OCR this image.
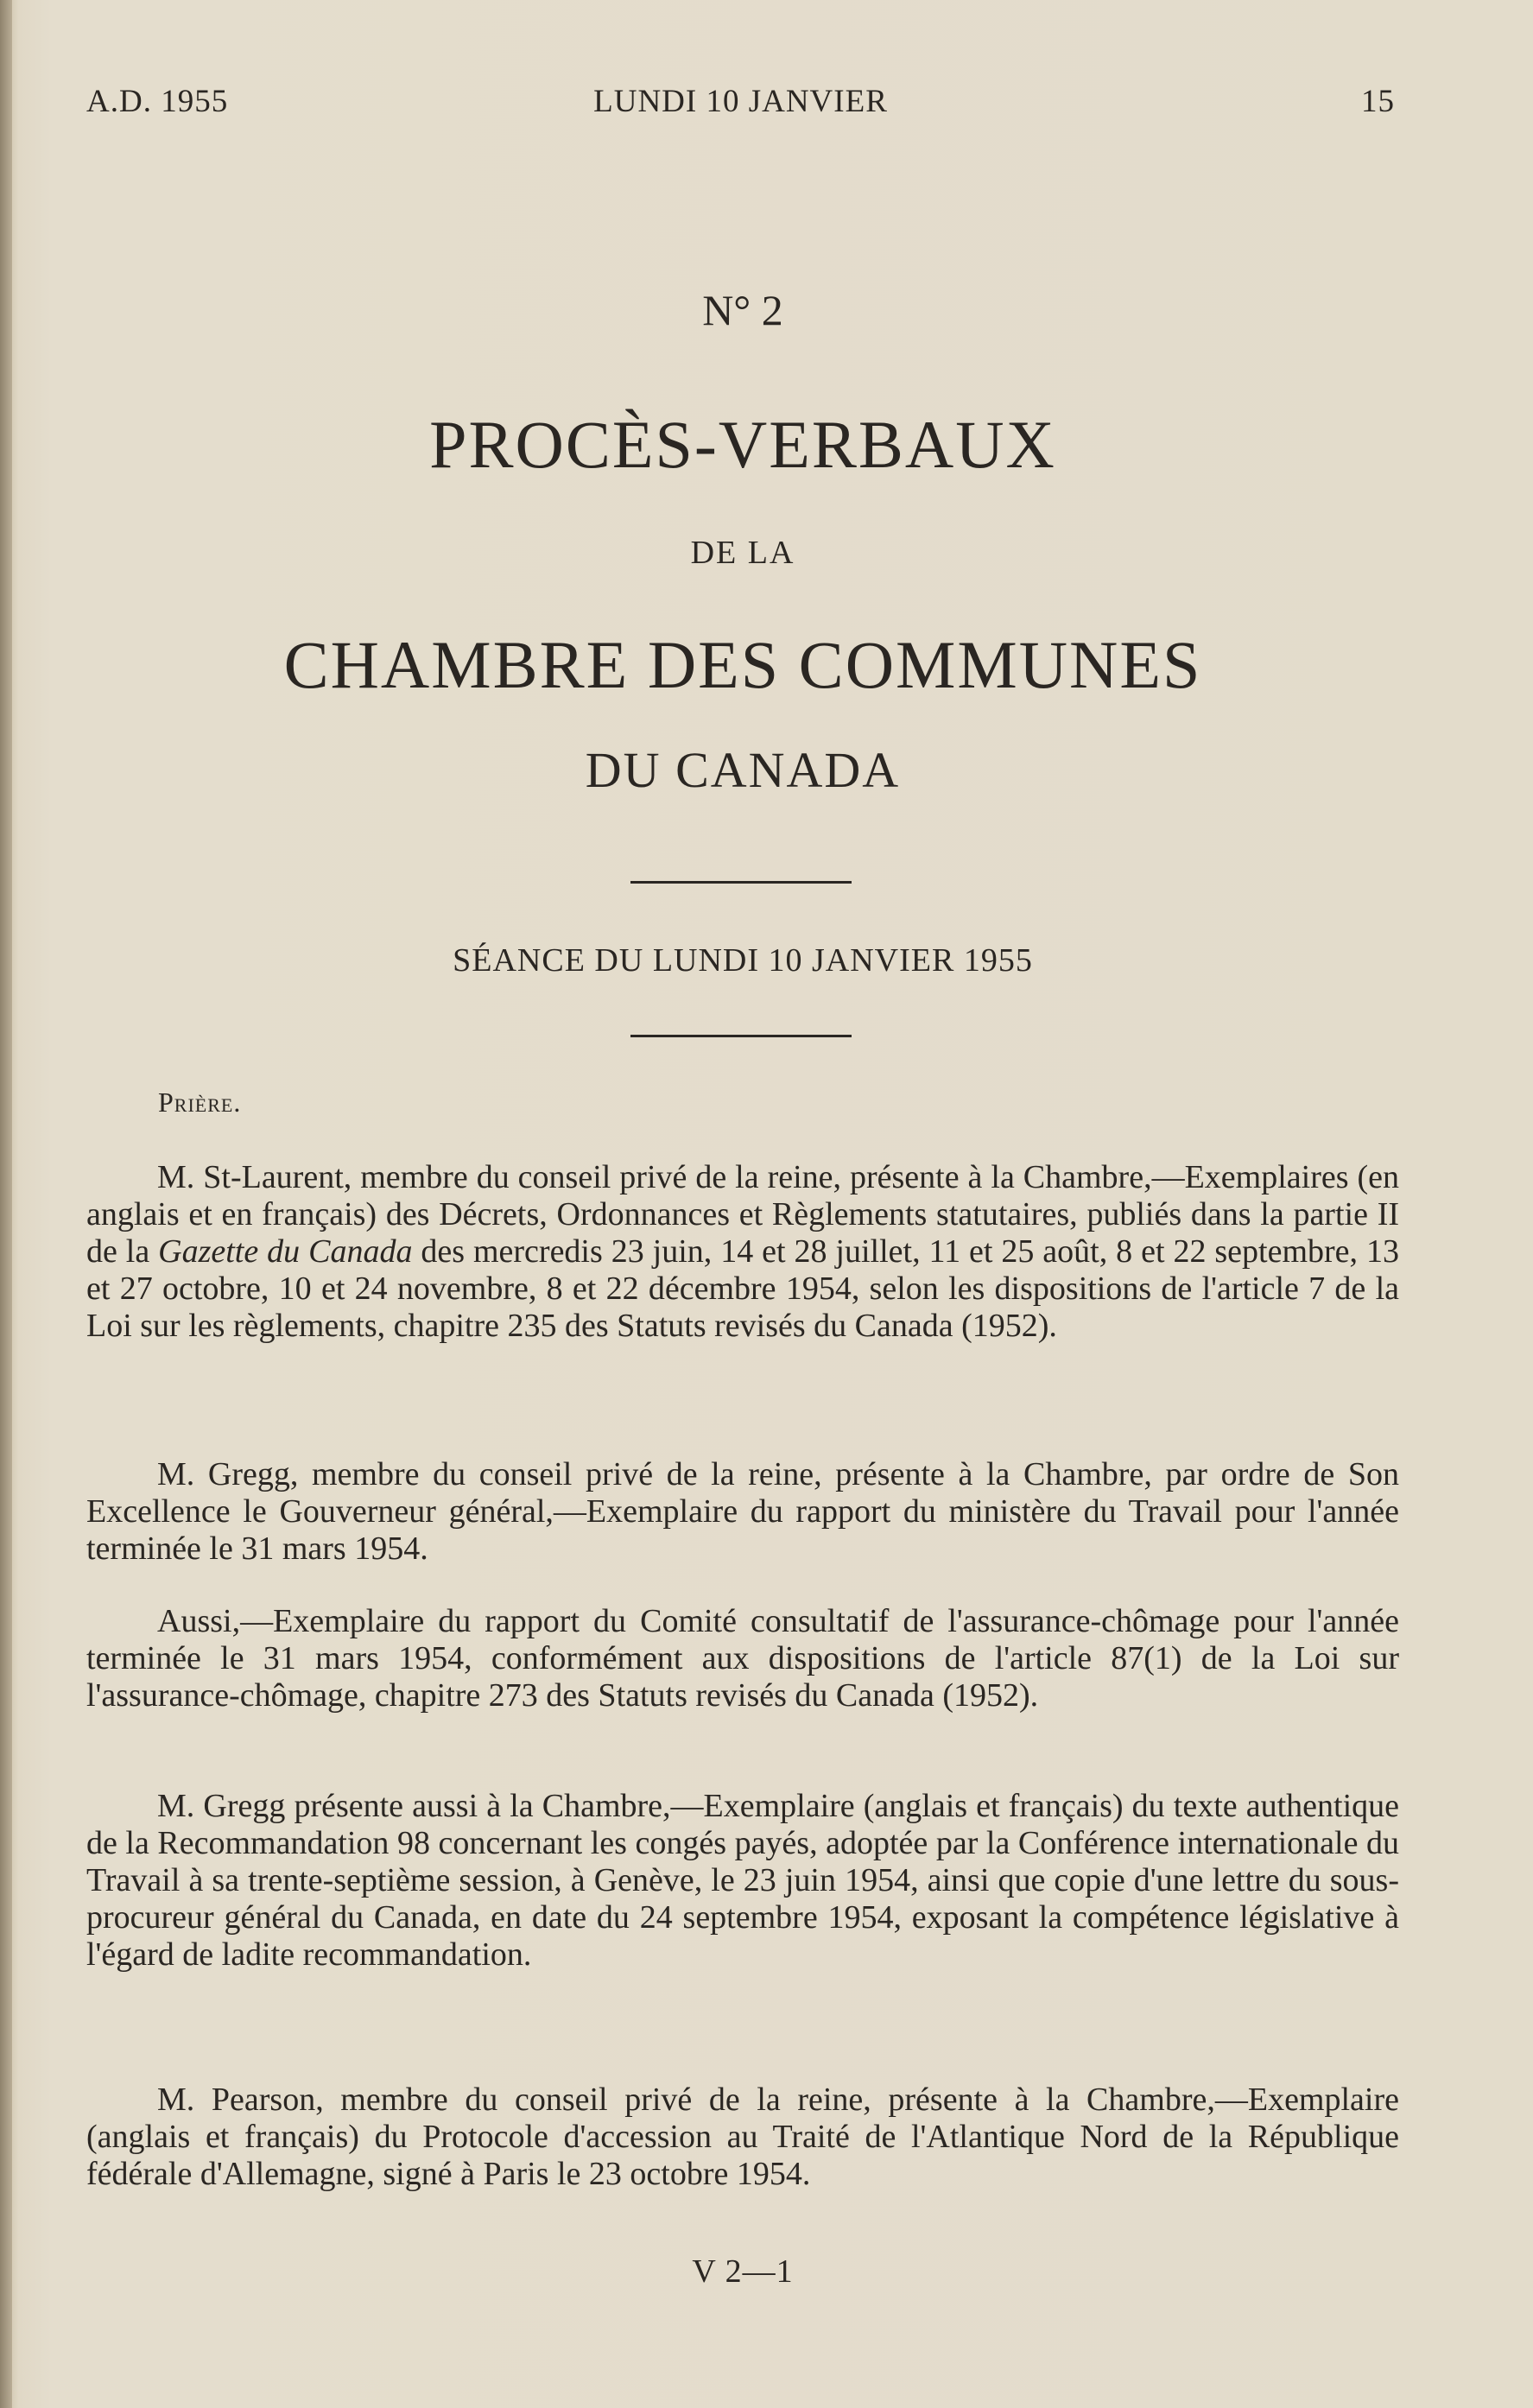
A.D. 1955	LUNDI 10 JANVIER	15
N° 2
PROCÈS-VERBAUX
DE LA
CHAMBRE DES COMMUNES
DU CANADA
SÉANCE DU LUNDI 10 JANVIER 1955
Prière.
M. St-Laurent, membre du conseil privé de la reine, présente à la Chambre,—Exemplaires (en anglais et en français) des Décrets, Ordonnances et Règlements statutaires, publiés dans la partie II de la Gazette du Canada des mercredis 23 juin, 14 et 28 juillet, 11 et 25 août, 8 et 22 septembre, 13 et 27 octobre, 10 et 24 novembre, 8 et 22 décembre 1954, selon les dispositions de l'article 7 de la Loi sur les règlements, chapitre 235 des Statuts revisés du Canada (1952).
M. Gregg, membre du conseil privé de la reine, présente à la Chambre, par ordre de Son Excellence le Gouverneur général,—Exemplaire du rapport du ministère du Travail pour l'année terminée le 31 mars 1954.
Aussi,—Exemplaire du rapport du Comité consultatif de l'assurance-chômage pour l'année terminée le 31 mars 1954, conformément aux dispositions de l'article 87(1) de la Loi sur l'assurance-chômage, chapitre 273 des Statuts revisés du Canada (1952).
M. Gregg présente aussi à la Chambre,—Exemplaire (anglais et français) du texte authentique de la Recommandation 98 concernant les congés payés, adoptée par la Conférence internationale du Travail à sa trente-septième session, à Genève, le 23 juin 1954, ainsi que copie d'une lettre du sous-procureur général du Canada, en date du 24 septembre 1954, exposant la compétence législative à l'égard de ladite recommandation.
M. Pearson, membre du conseil privé de la reine, présente à la Chambre,—Exemplaire (anglais et français) du Protocole d'accession au Traité de l'Atlantique Nord de la République fédérale d'Allemagne, signé à Paris le 23 octobre 1954.
V 2—1
